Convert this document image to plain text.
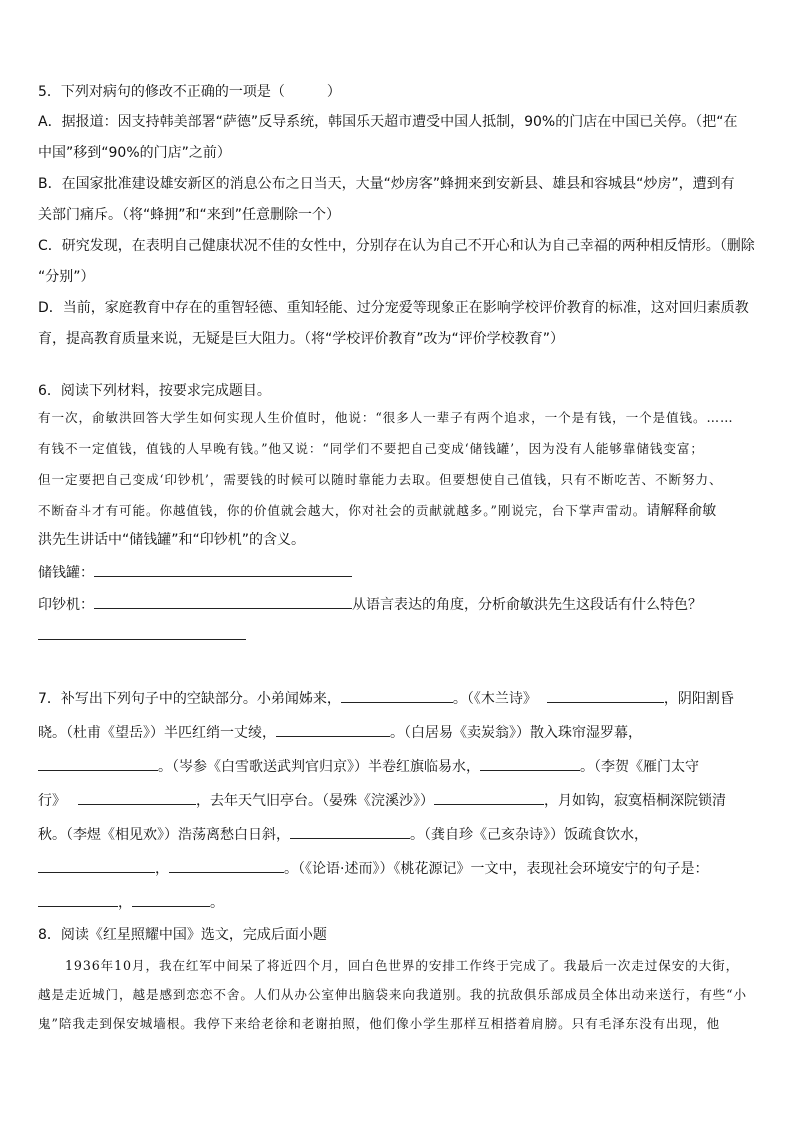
5．下列对病句的修改不正确的一项是（　　　）
A．据报道：因支持韩美部署“萨德”反导系统，韩国乐天超市遭受中国人抵制，90%的门店在中国已关停。（把“在
中国”移到“90%的门店”之前）
B．在国家批准建设雄安新区的消息公布之日当天，大量“炒房客”蜂拥来到安新县、雄县和容城县“炒房”，遭到有
关部门痛斥。（将“蜂拥”和“来到”任意删除一个）
C．研究发现，在表明自己健康状况不佳的女性中，分别存在认为自己不开心和认为自己幸福的两种相反情形。（删除
“分别”）
D．当前，家庭教育中存在的重智轻德、重知轻能、过分宠爱等现象正在影响学校评价教育的标准，这对回归素质教
育，提高教育质量来说，无疑是巨大阻力。（将“学校评价教育”改为“评价学校教育”）
6．阅读下列材料，按要求完成题目。
有一次，俞敏洪回答大学生如何实现人生价值时，他说：“很多人一辈子有两个追求，一个是有钱，一个是值钱。……
有钱不一定值钱，值钱的人早晚有钱。”他又说：“同学们不要把自己变成‘储钱罐’，因为没有人能够靠储钱变富；
但一定要把自己变成‘印钞机’，需要钱的时候可以随时靠能力去取。但要想使自己值钱，只有不断吃苦、不断努力、
不断奋斗才有可能。你越值钱，你的价值就会越大，你对社会的贡献就越多。”刚说完，台下掌声雷动。请解释俞敏
洪先生讲话中“储钱罐”和“印钞机”的含义。
储钱罐：
印钞机：	从语言表达的角度，分析俞敏洪先生这段话有什么特色？
7．补写出下列句子中的空缺部分。小弟闻姊来，	。（《木兰诗》	，阴阳割昏
晓。（杜甫《望岳》）半匹红绡一丈绫，	。（白居易《卖炭翁》）散入珠帘湿罗幕，
。（岑参《白雪歌送武判官归京》）半卷红旗临易水，	。（李贺《雁门太守
行》	，去年天气旧亭台。（晏殊《浣溪沙》）	，月如钩，寂寞梧桐深院锁清
秋。（李煜《相见欢》）浩荡离愁白日斜，	。（龚自珍《己亥杂诗》）饭疏食饮水，
，	。（《论语·述而》）《桃花源记》一文中，表现社会环境安宁的句子是：
，	。
8．阅读《红星照耀中国》选文，完成后面小题
　　1936年10月，我在红军中间呆了将近四个月，回白色世界的安排工作终于完成了。我最后一次走过保安的大街，
越是走近城门，越是感到恋恋不舍。人们从办公室伸出脑袋来向我道别。我的抗敌俱乐部成员全体出动来送行，有些“小
鬼”陪我走到保安城墙根。我停下来给老徐和老谢拍照，他们像小学生那样互相搭着肩膀。只有毛泽东没有出现，他
